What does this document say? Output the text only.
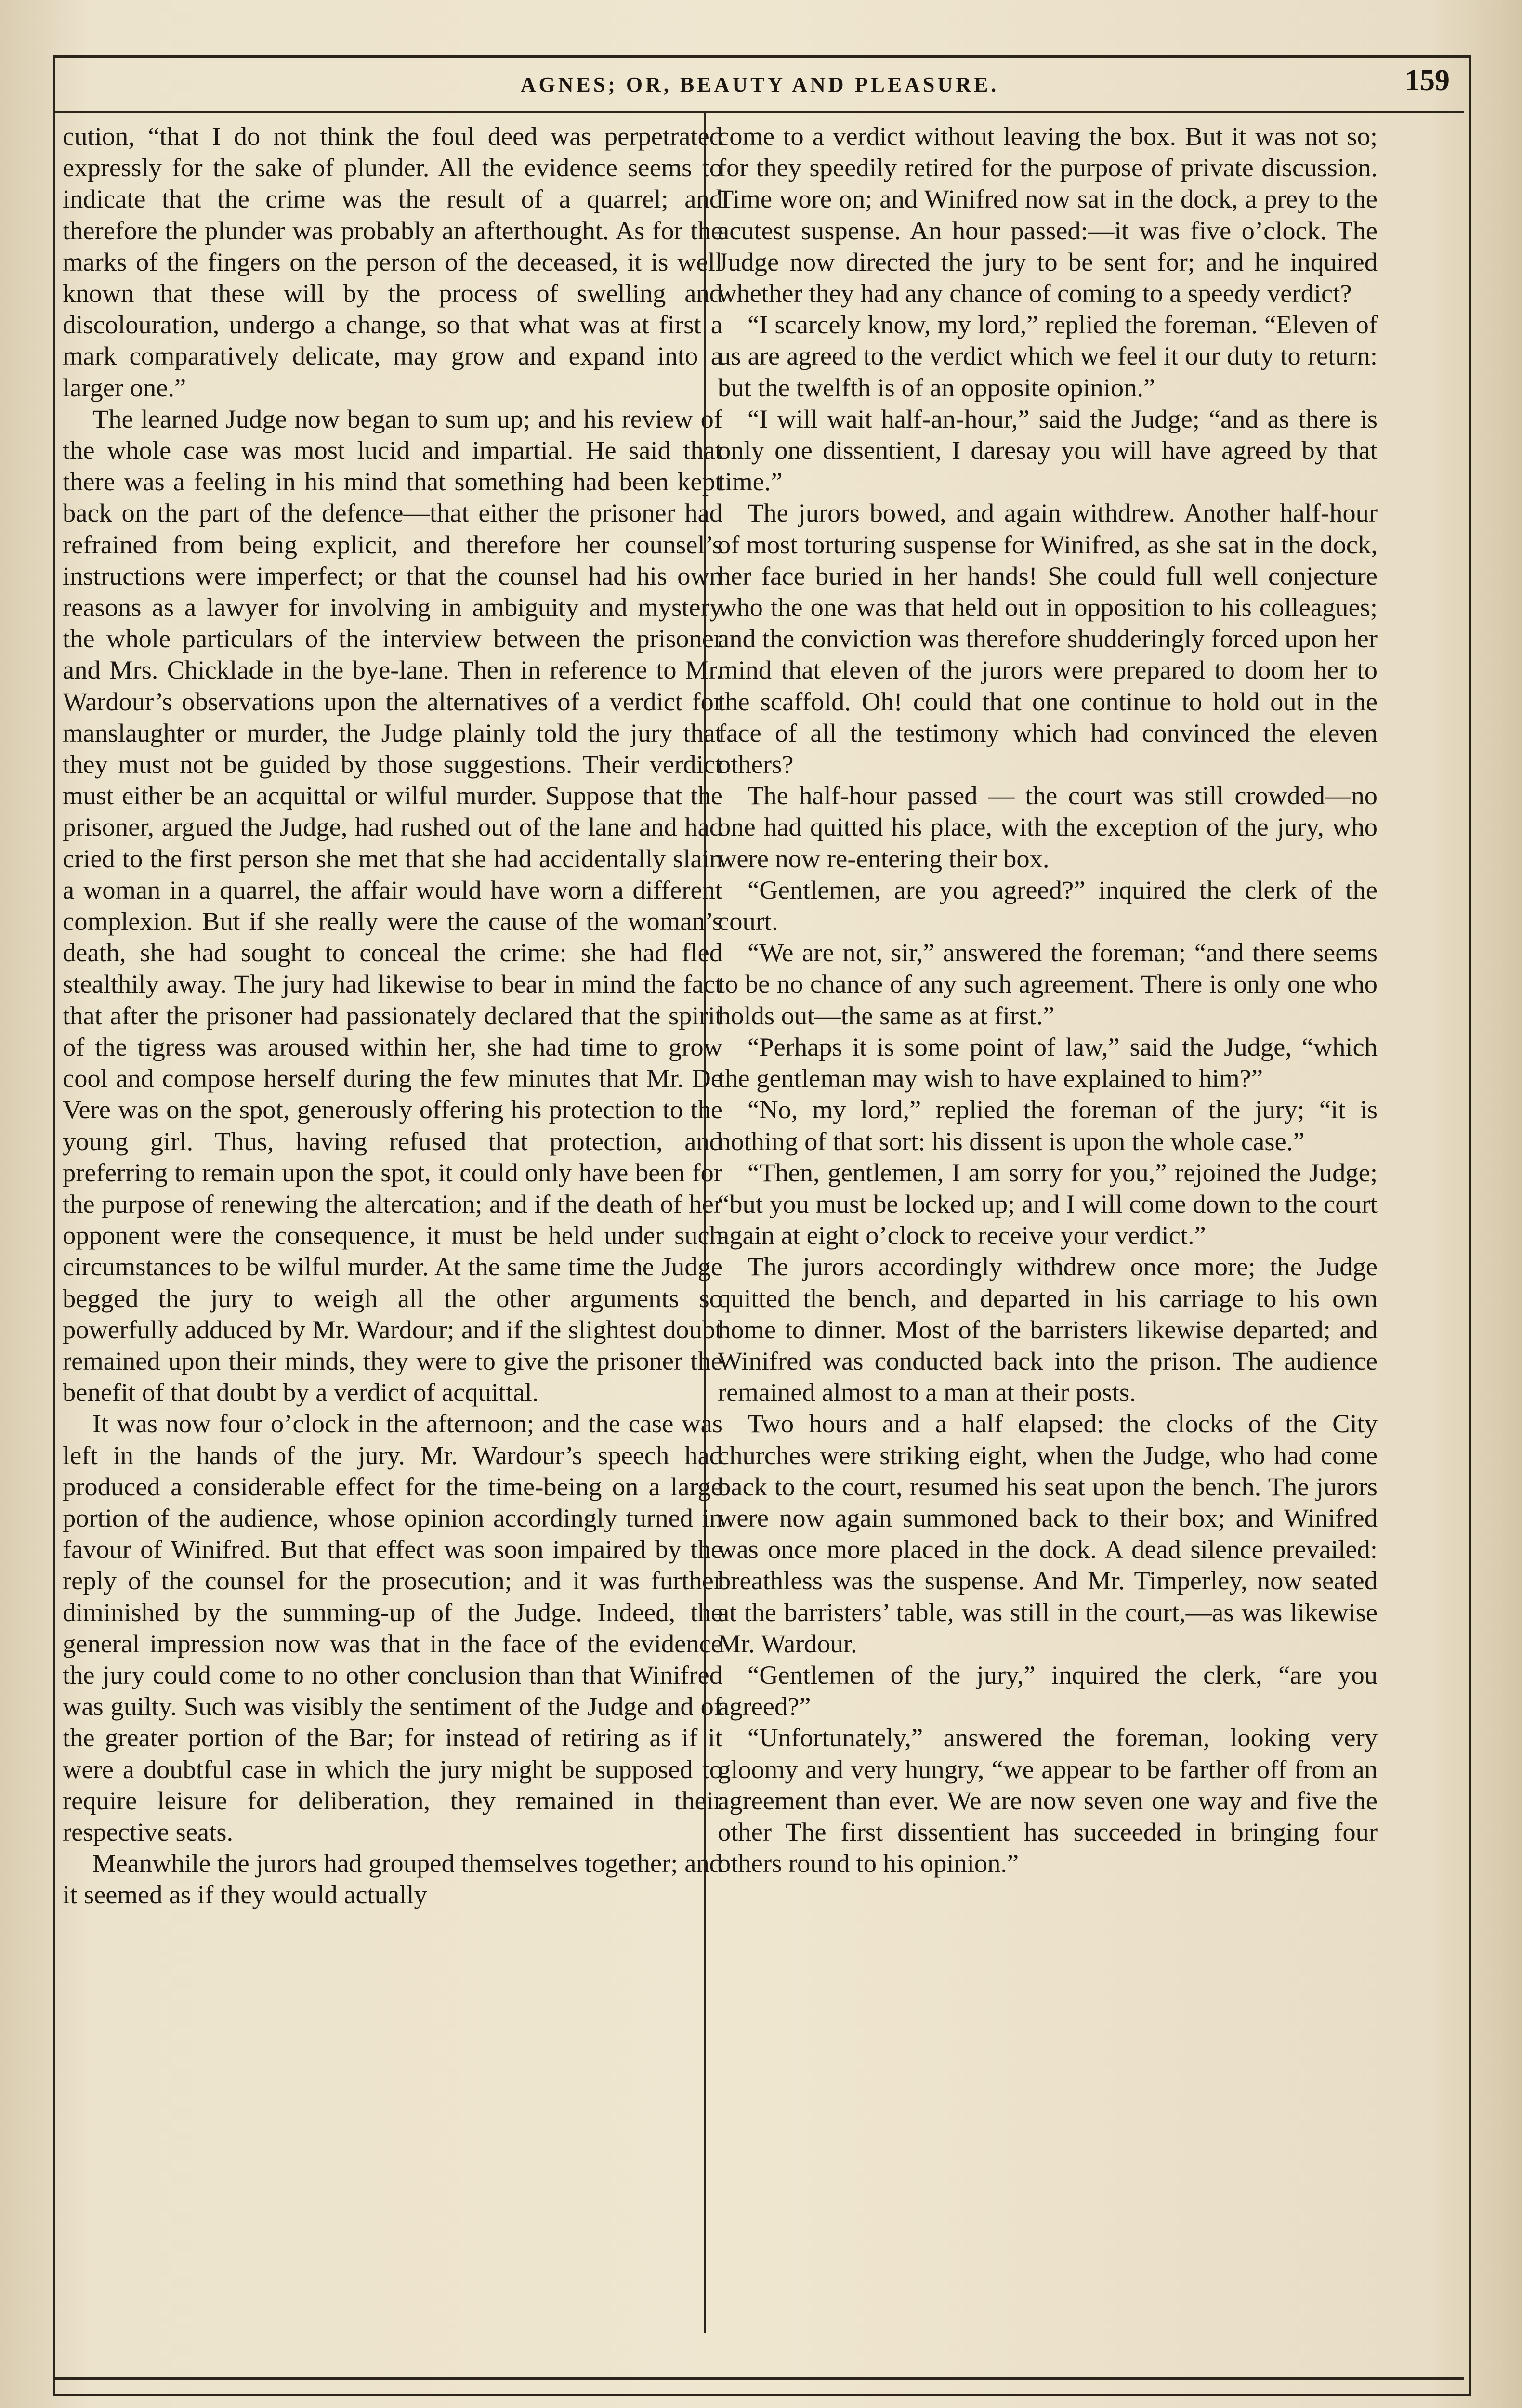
AGNES; OR, BEAUTY AND PLEASURE.	159

cution, “that I do not think the foul deed was perpetrated expressly for the sake of plunder. All the evidence seems to indicate that the crime was the result of a quarrel; and therefore the plunder was probably an afterthought. As for the marks of the fingers on the person of the deceased, it is well known that these will by the process of swelling and discolouration, undergo a change, so that what was at first a mark comparatively delicate, may grow and expand into a larger one.”

The learned Judge now began to sum up; and his review of the whole case was most lucid and impartial. He said that there was a feeling in his mind that something had been kept back on the part of the defence—that either the prisoner had refrained from being explicit, and therefore her counsel’s instructions were imperfect; or that the counsel had his own reasons as a lawyer for involving in ambiguity and mystery the whole particulars of the interview between the prisoner and Mrs. Chicklade in the bye-lane. Then in reference to Mr. Wardour’s observations upon the alternatives of a verdict for manslaughter or murder, the Judge plainly told the jury that they must not be guided by those suggestions. Their verdict must either be an acquittal or wilful murder. Suppose that the prisoner, argued the Judge, had rushed out of the lane and had cried to the first person she met that she had accidentally slain a woman in a quarrel, the affair would have worn a different complexion. But if she really were the cause of the woman’s death, she had sought to conceal the crime: she had fled stealthily away. The jury had likewise to bear in mind the fact that after the prisoner had passionately declared that the spirit of the tigress was aroused within her, she had time to grow cool and compose herself during the few minutes that Mr. De Vere was on the spot, generously offering his protection to the young girl. Thus, having refused that protection, and preferring to remain upon the spot, it could only have been for the purpose of renewing the altercation; and if the death of her opponent were the consequence, it must be held under such circumstances to be wilful murder. At the same time the Judge begged the jury to weigh all the other arguments so powerfully adduced by Mr. Wardour; and if the slightest doubt remained upon their minds, they were to give the prisoner the benefit of that doubt by a verdict of acquittal.

It was now four o’clock in the afternoon; and the case was left in the hands of the jury. Mr. Wardour’s speech had produced a considerable effect for the time-being on a large portion of the audience, whose opinion accordingly turned in favour of Winifred. But that effect was soon impaired by the reply of the counsel for the prosecution; and it was further diminished by the summing-up of the Judge. Indeed, the general impression now was that in the face of the evidence the jury could come to no other conclusion than that Winifred was guilty. Such was visibly the sentiment of the Judge and of the greater portion of the Bar; for instead of retiring as if it were a doubtful case in which the jury might be supposed to require leisure for deliberation, they remained in their respective seats.

Meanwhile the jurors had grouped themselves together; and it seemed as if they would actually

come to a verdict without leaving the box. But it was not so; for they speedily retired for the purpose of private discussion. Time wore on; and Winifred now sat in the dock, a prey to the acutest suspense. An hour passed:—it was five o’clock. The Judge now directed the jury to be sent for; and he inquired whether they had any chance of coming to a speedy verdict?

“I scarcely know, my lord,” replied the foreman. “Eleven of us are agreed to the verdict which we feel it our duty to return: but the twelfth is of an opposite opinion.”

“I will wait half-an-hour,” said the Judge; “and as there is only one dissentient, I daresay you will have agreed by that time.”

The jurors bowed, and again withdrew. Another half-hour of most torturing suspense for Winifred, as she sat in the dock, her face buried in her hands! She could full well conjecture who the one was that held out in opposition to his colleagues; and the conviction was therefore shudderingly forced upon her mind that eleven of the jurors were prepared to doom her to the scaffold. Oh! could that one continue to hold out in the face of all the testimony which had convinced the eleven others?

The half-hour passed — the court was still crowded—no one had quitted his place, with the exception of the jury, who were now re-entering their box.

“Gentlemen, are you agreed?” inquired the clerk of the court.

“We are not, sir,” answered the foreman; “and there seems to be no chance of any such agreement. There is only one who holds out—the same as at first.”

“Perhaps it is some point of law,” said the Judge, “which the gentleman may wish to have explained to him?”

“No, my lord,” replied the foreman of the jury; “it is nothing of that sort: his dissent is upon the whole case.”

“Then, gentlemen, I am sorry for you,” rejoined the Judge; “but you must be locked up; and I will come down to the court again at eight o’clock to receive your verdict.”

The jurors accordingly withdrew once more; the Judge quitted the bench, and departed in his carriage to his own home to dinner. Most of the barristers likewise departed; and Winifred was conducted back into the prison. The audience remained almost to a man at their posts.

Two hours and a half elapsed: the clocks of the City churches were striking eight, when the Judge, who had come back to the court, resumed his seat upon the bench. The jurors were now again summoned back to their box; and Winifred was once more placed in the dock. A dead silence prevailed: breathless was the suspense. And Mr. Timperley, now seated at the barristers’ table, was still in the court,—as was likewise Mr. Wardour.

“Gentlemen of the jury,” inquired the clerk, “are you agreed?”

“Unfortunately,” answered the foreman, looking very gloomy and very hungry, “we appear to be farther off from an agreement than ever. We are now seven one way and five the other The first dissentient has succeeded in bringing four others round to his opinion.”
